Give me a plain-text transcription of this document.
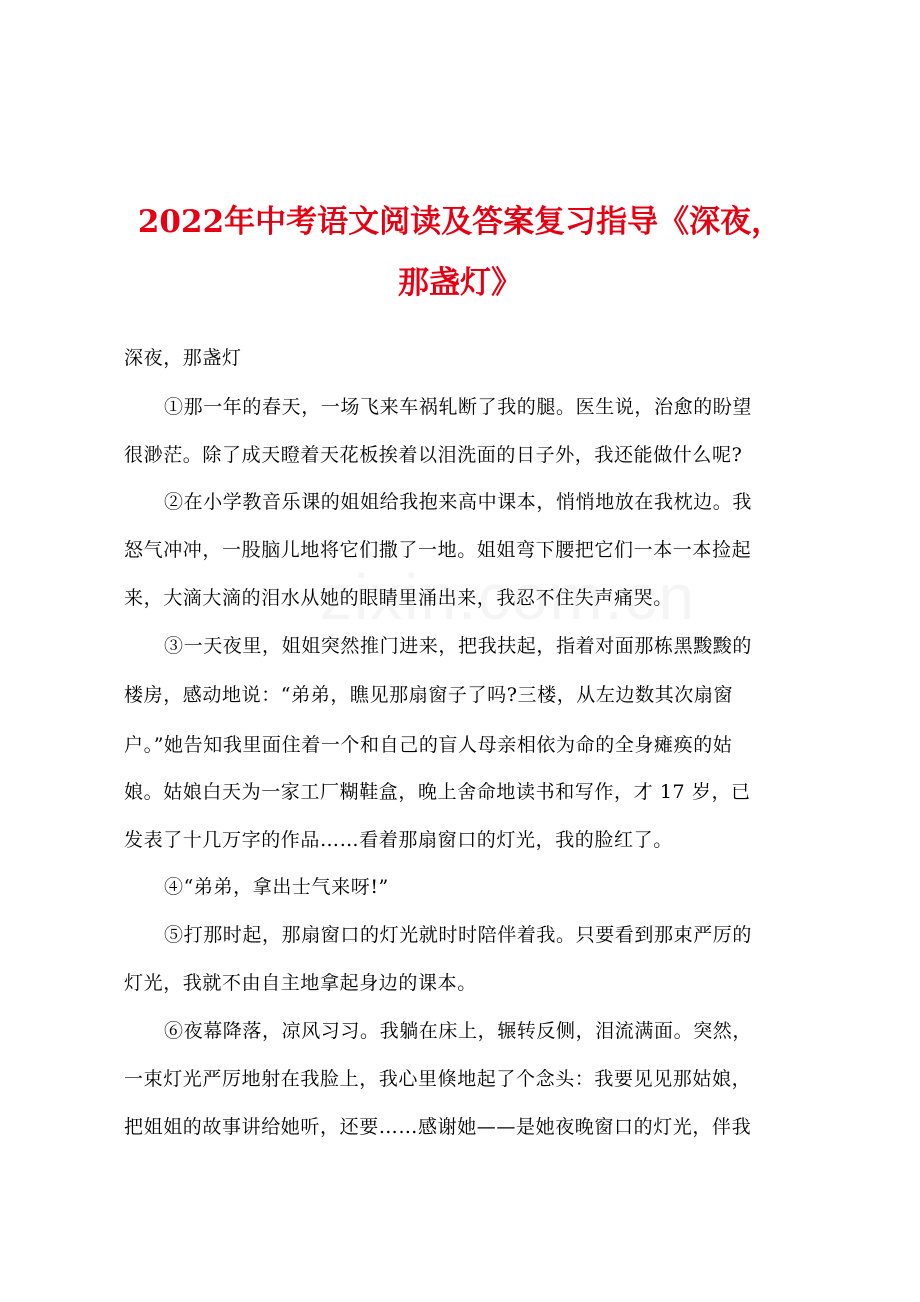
2022年中考语文阅读及答案复习指导《深夜，
那盏灯》
深夜，那盏灯
①那一年的春天，一场飞来车祸轧断了我的腿。医生说，治愈的盼望
很渺茫。除了成天瞪着天花板挨着以泪洗面的日子外，我还能做什么呢?
②在小学教音乐课的姐姐给我抱来高中课本，悄悄地放在我枕边。我
怒气冲冲，一股脑儿地将它们撒了一地。姐姐弯下腰把它们一本一本捡起
来，大滴大滴的泪水从她的眼睛里涌出来，我忍不住失声痛哭。
③一天夜里，姐姐突然推门进来，把我扶起，指着对面那栋黑黢黢的
楼房，感动地说：“弟弟，瞧见那扇窗子了吗?三楼，从左边数其次扇窗
户。”她告知我里面住着一个和自己的盲人母亲相依为命的全身瘫痪的姑
娘。姑娘白天为一家工厂糊鞋盒，晚上舍命地读书和写作，才 17 岁，已
发表了十几万字的作品……看着那扇窗口的灯光，我的脸红了。
④“弟弟，拿出士气来呀!”
⑤打那时起，那扇窗口的灯光就时时陪伴着我。只要看到那束严厉的
灯光，我就不由自主地拿起身边的课本。
⑥夜幕降落，凉风习习。我躺在床上，辗转反侧，泪流满面。突然，
一束灯光严厉地射在我脸上，我心里倏地起了个念头：我要见见那姑娘，
把姐姐的故事讲给她听，还要……感谢她——是她夜晚窗口的灯光，伴我
